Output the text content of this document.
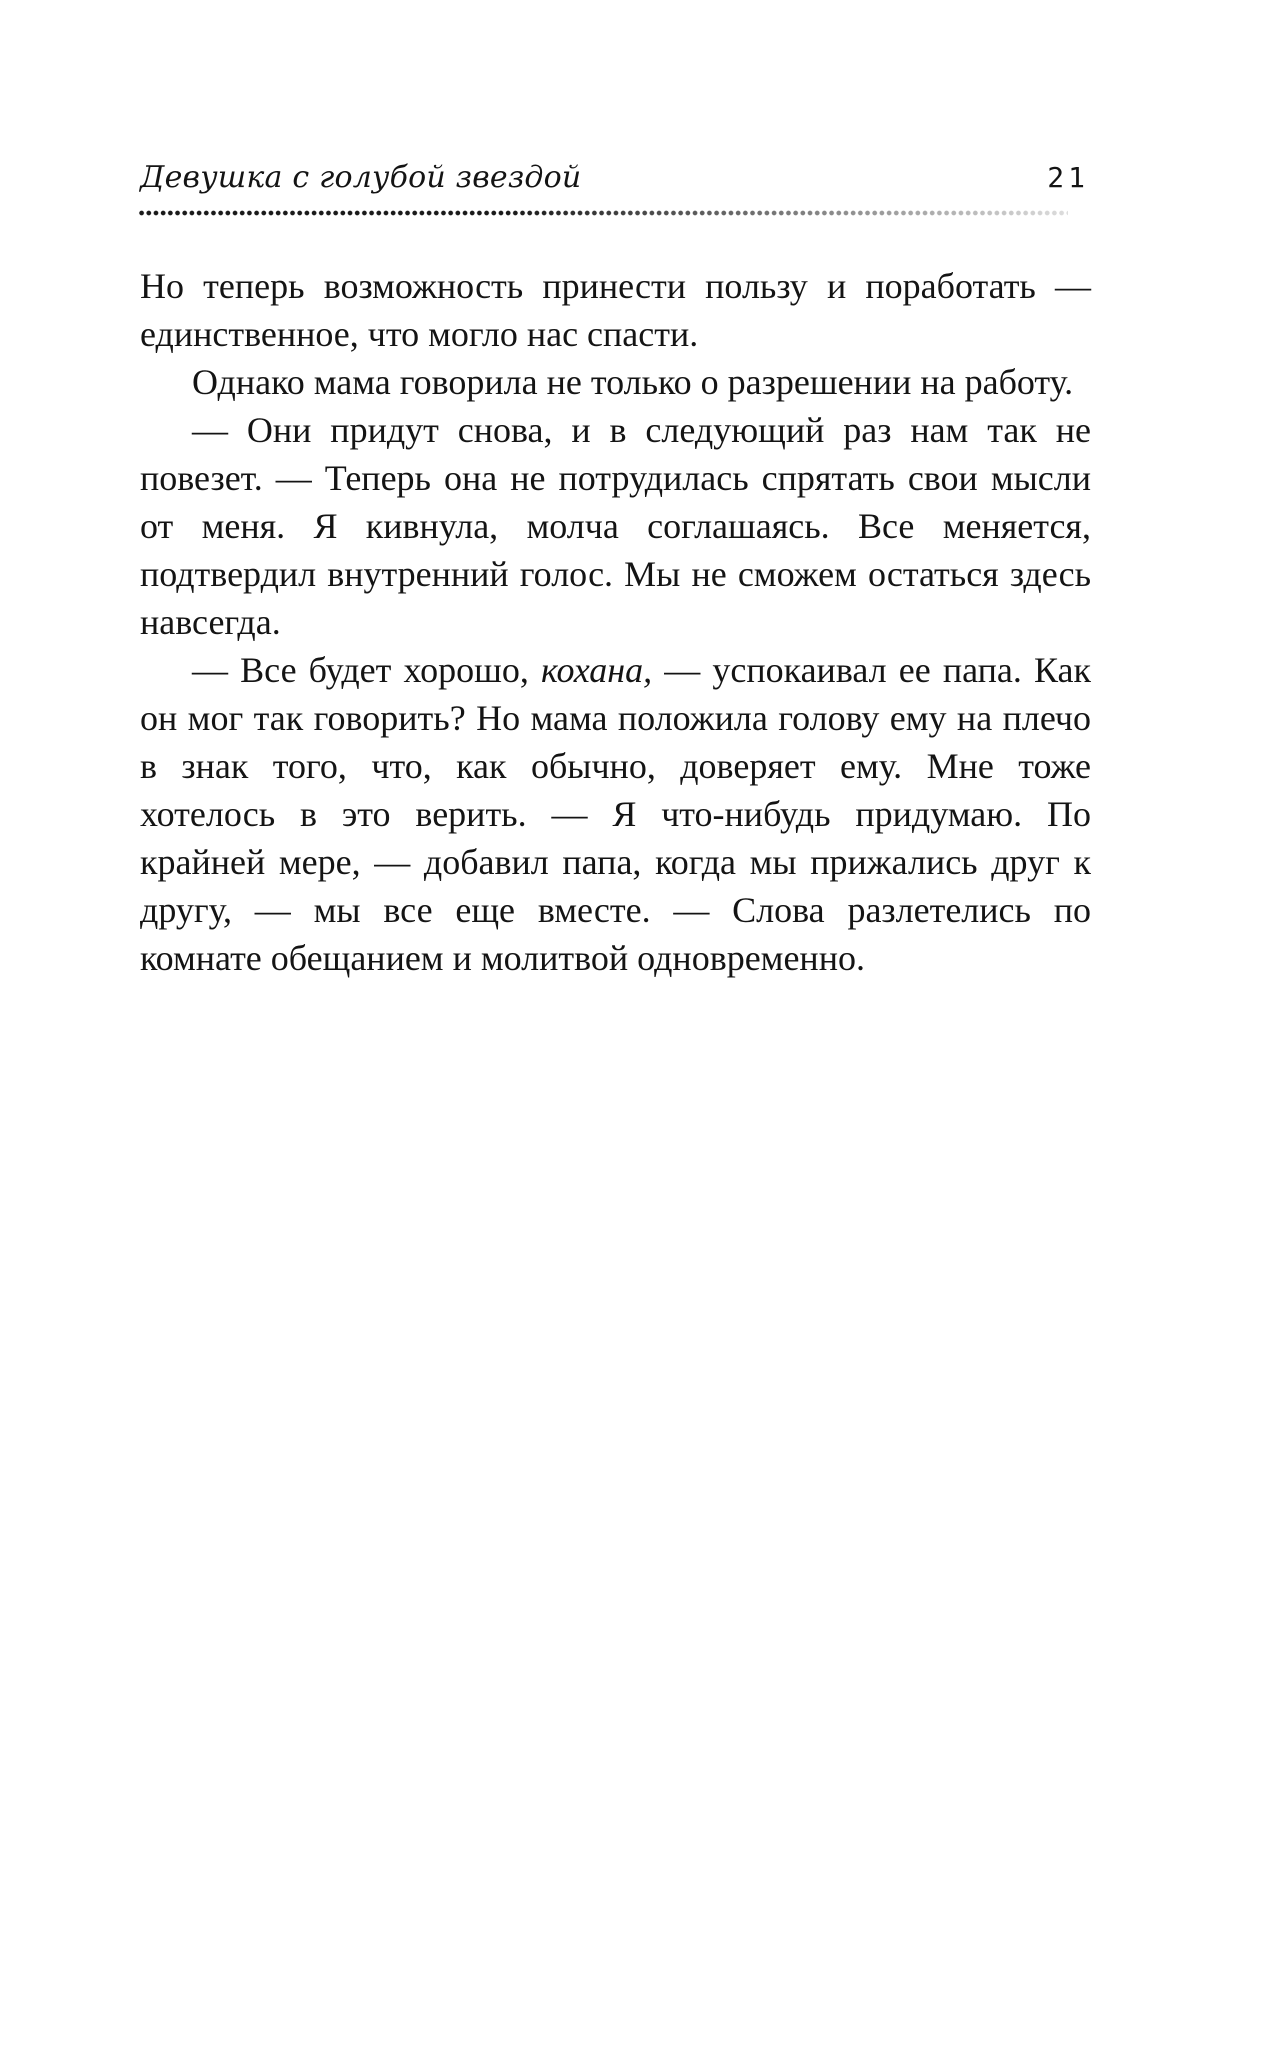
Девушка с голубой звездой	21

Но теперь возможность принести пользу и поработать — единственное, что могло нас спасти.

Однако мама говорила не только о разрешении на работу.

— Они придут снова, и в следующий раз нам так не повезет. — Теперь она не потрудилась спрятать свои мысли от меня. Я кивнула, молча соглашаясь. Все меняется, подтвердил внутренний голос. Мы не сможем остаться здесь навсегда.

— Все будет хорошо, кохана, — успокаивал ее папа. Как он мог так говорить? Но мама положила голову ему на плечо в знак того, что, как обычно, доверяет ему. Мне тоже хотелось в это верить. — Я что-нибудь придумаю. По крайней мере, — добавил папа, когда мы прижались друг к другу, — мы все еще вместе. — Слова разлетелись по комнате обещанием и молитвой одновременно.
